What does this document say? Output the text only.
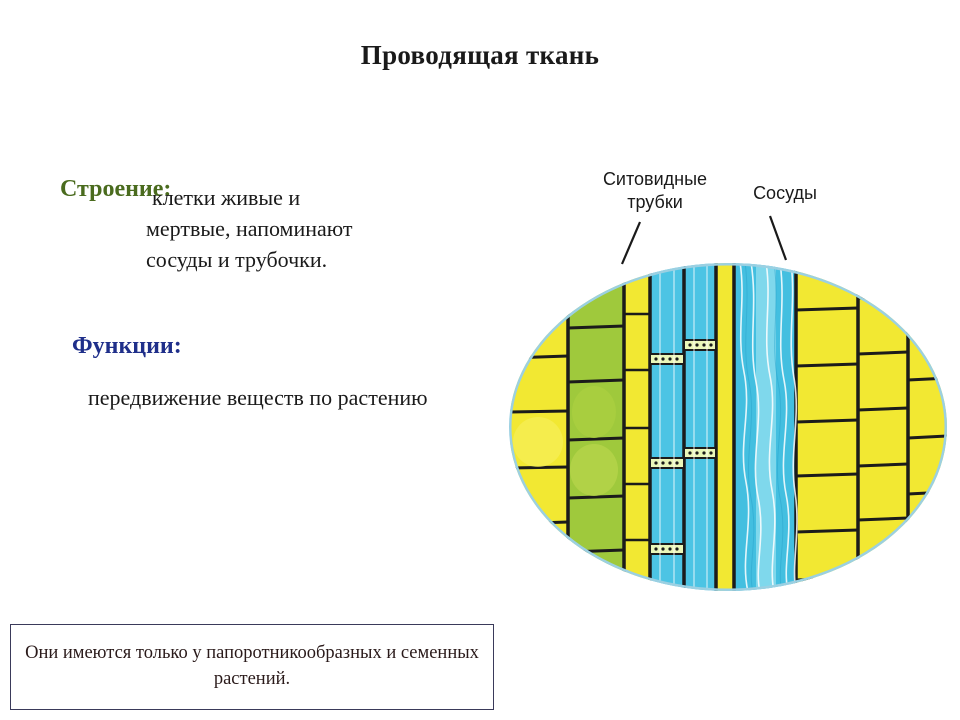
Проводящая ткань
Строение:
клетки живые и
мертвые, напоминают
сосуды и трубочки.
Функции:
передвижение веществ по растению
Они имеются только у папоротникообразных и семенных растений.
Ситовидные трубки	Сосуды
